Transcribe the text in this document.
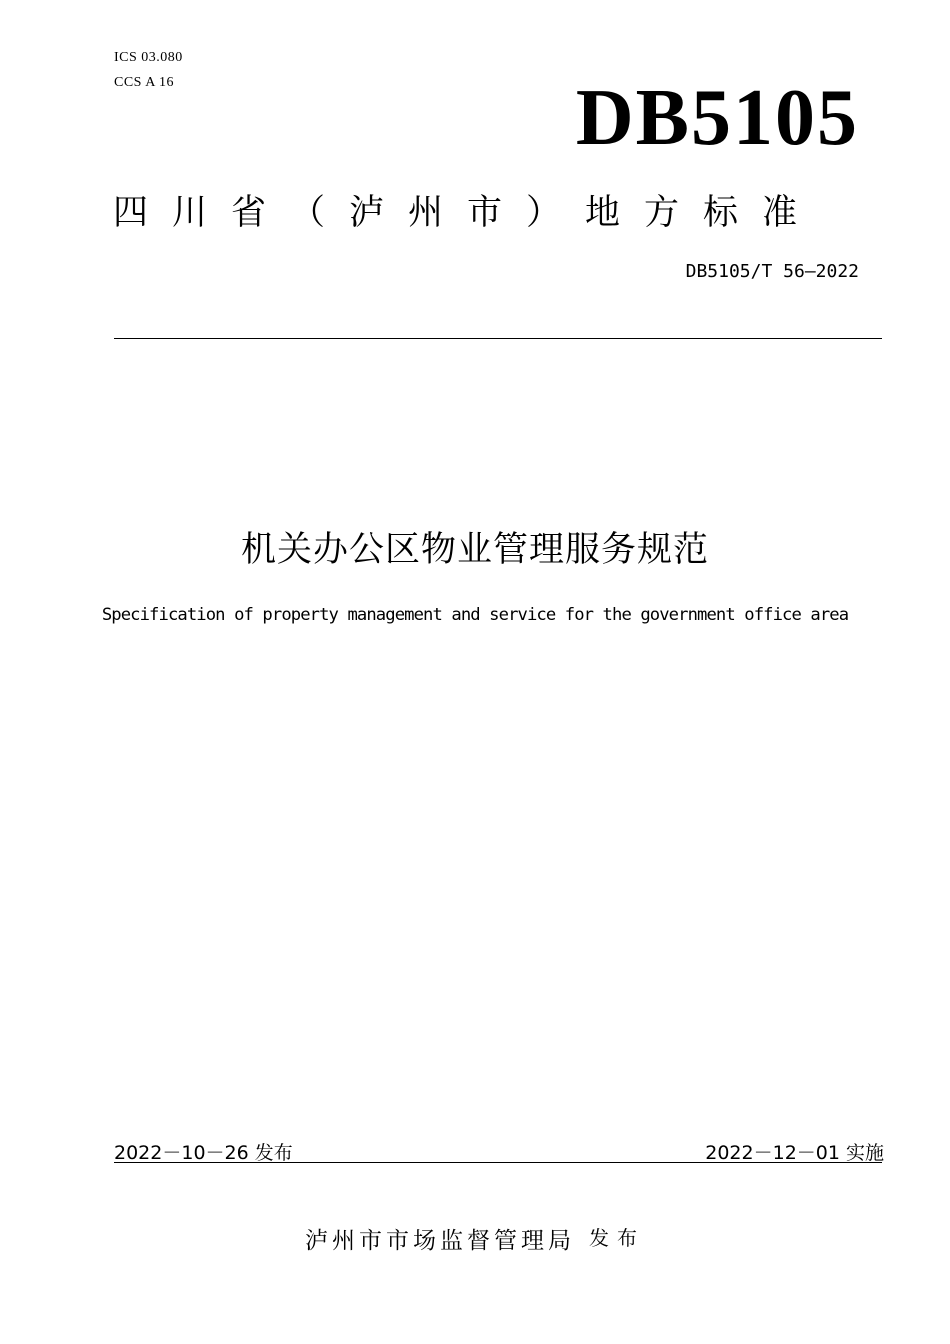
ICS 03.080
CCS A 16	DB5105
四川省（泸州市）地方标准
DB5105/T 56—2022
机关办公区物业管理服务规范
Specification of property management and service for the government office area
2022－10－26 发布	2022－12－01 实施
泸州市市场监督管理局 发布
